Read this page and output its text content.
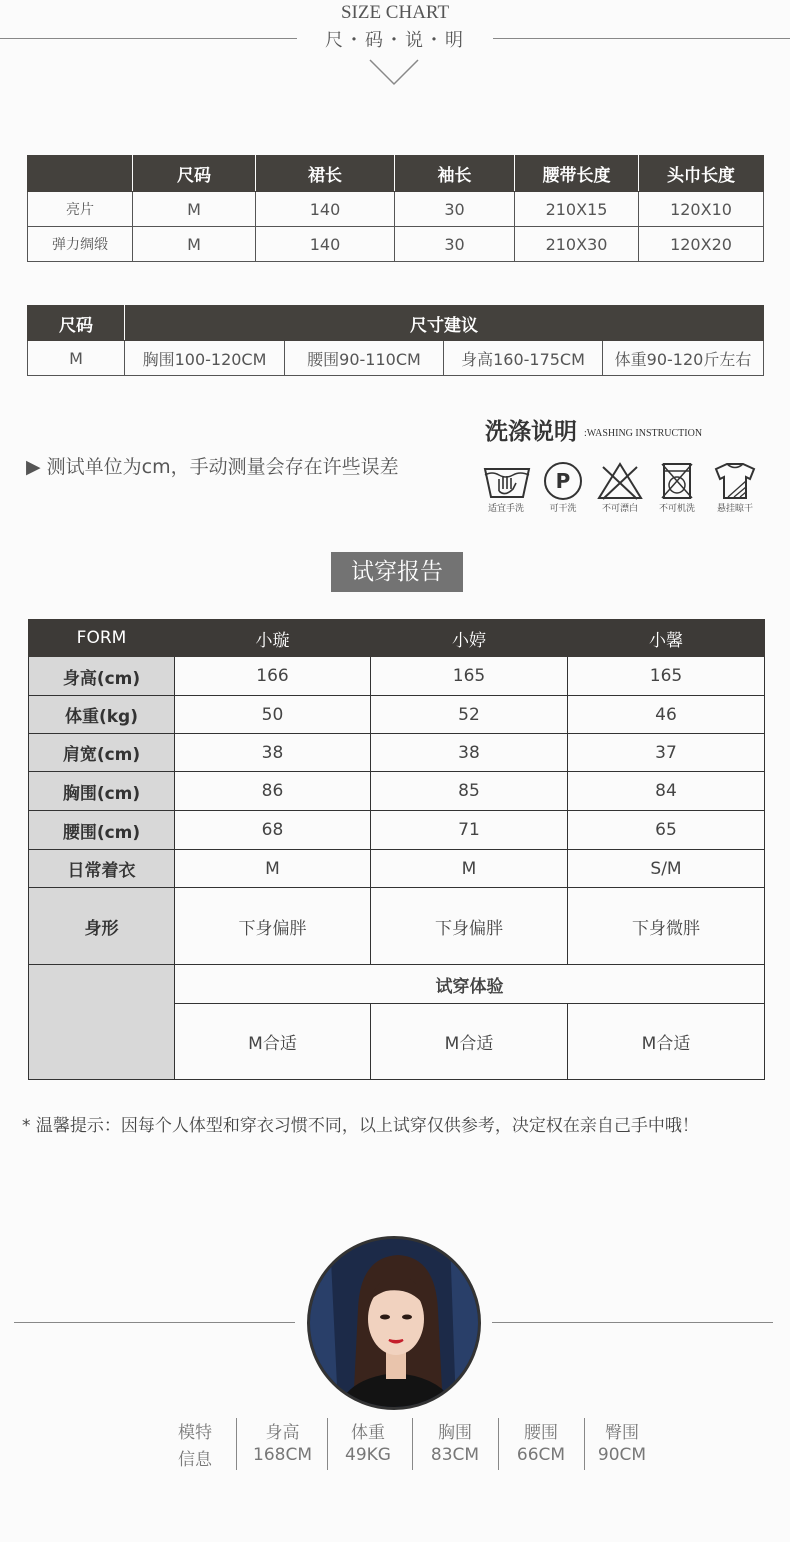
SIZE CHART
尺・码・说・明
	尺码	裙长	袖长	腰带长度	头巾长度
亮片	M	140	30	210X15	120X10
弹力绸缎	M	140	30	210X30	120X20
尺码	尺寸建议			
M	胸围100-120CM	腰围90-110CM	身高160-175CM	体重90-120斤左右
▶ 测试单位为cm，手动测量会存在许些误差
洗涤说明 :WASHING INSTRUCTION
适宜手洗
P
可干洗	不可漂白	不可机洗	悬挂晾干
试穿报告
FORM	小璇	小婷	小馨
身高(cm)	166	165	165
体重(kg)	50	52	46
肩宽(cm)	38	38	37
胸围(cm)	86	85	84
腰围(cm)	68	71	65
日常着衣	M	M	S/M
身形	下身偏胖	下身偏胖	下身微胖
	试穿体验		
	M合适	M合适	M合适
* 温馨提示：因每个人体型和穿衣习惯不同，以上试穿仅供参考，决定权在亲自己手中哦！
模特
信息
身高
168CM
体重
49KG
胸围
83CM
腰围
66CM
臀围
90CM
